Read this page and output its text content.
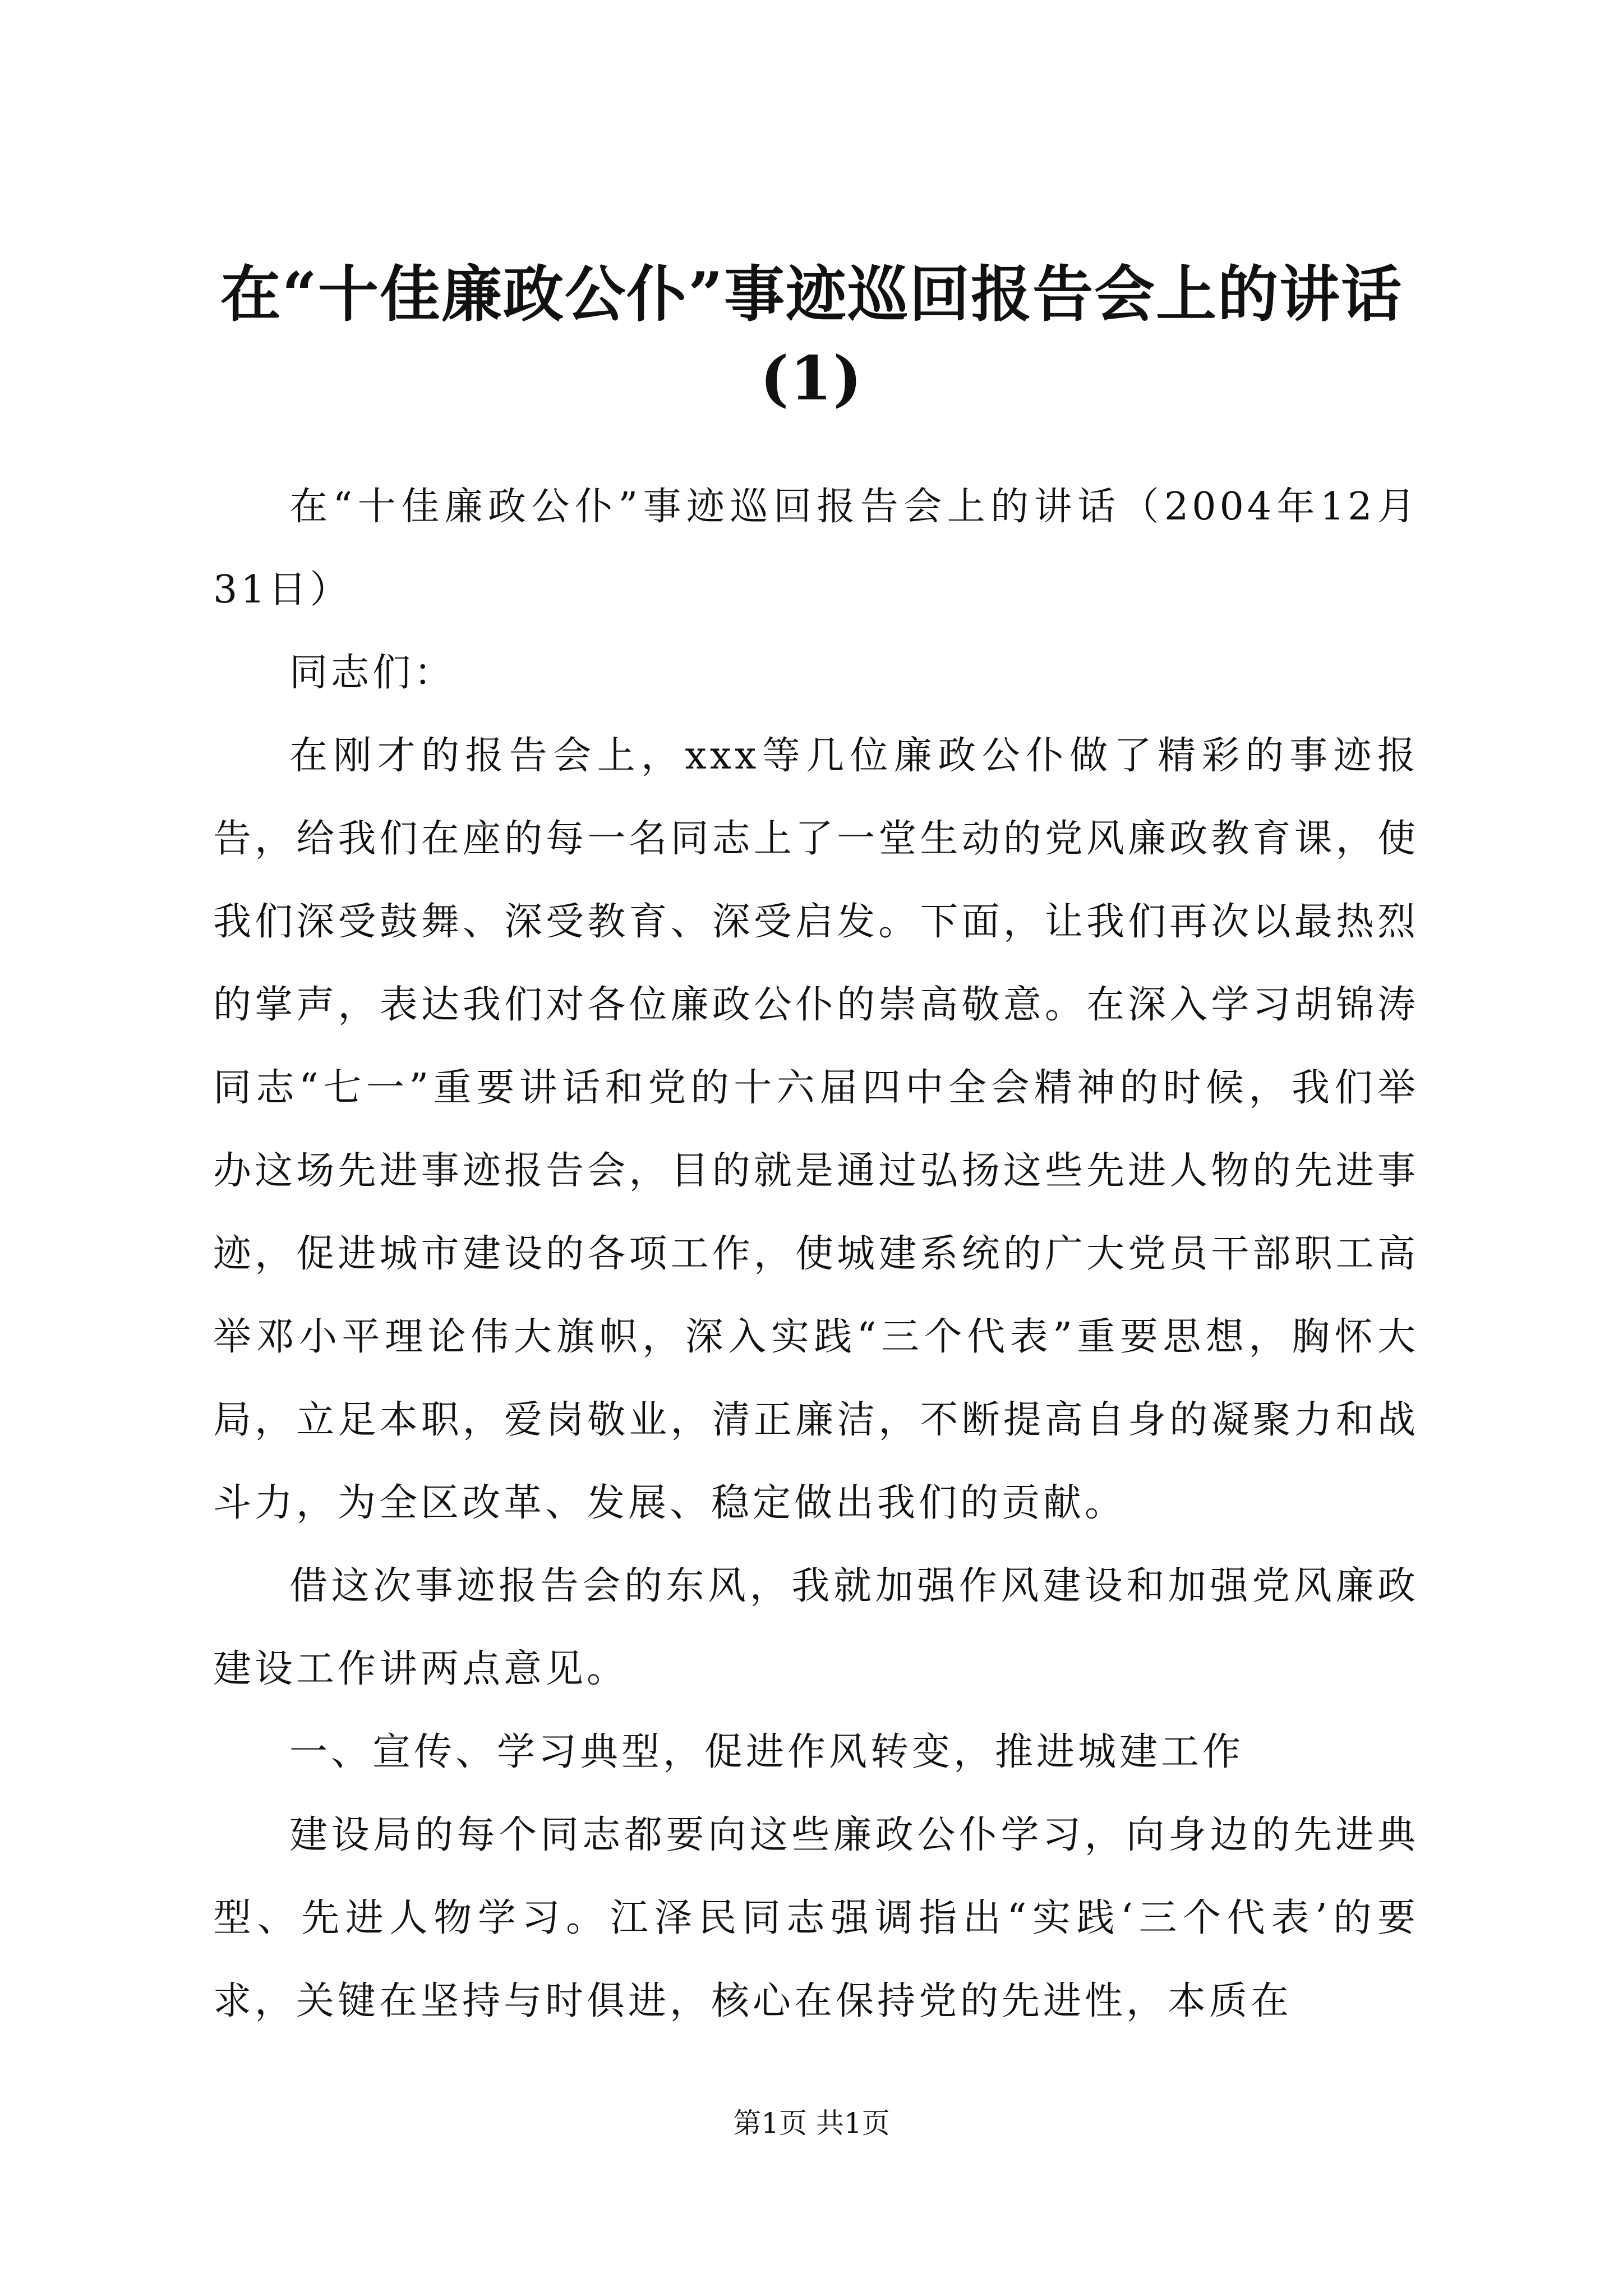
在“十佳廉政公仆”事迹巡回报告会上的讲话(1)

在“十佳廉政公仆”事迹巡回报告会上的讲话（2004年12月31日）

同志们：

在刚才的报告会上，xxx等几位廉政公仆做了精彩的事迹报告，给我们在座的每一名同志上了一堂生动的党风廉政教育课，使我们深受鼓舞、深受教育、深受启发。下面，让我们再次以最热烈的掌声，表达我们对各位廉政公仆的崇高敬意。在深入学习胡锦涛同志“七一”重要讲话和党的十六届四中全会精神的时候，我们举办这场先进事迹报告会，目的就是通过弘扬这些先进人物的先进事迹，促进城市建设的各项工作，使城建系统的广大党员干部职工高举邓小平理论伟大旗帜，深入实践“三个代表”重要思想，胸怀大局，立足本职，爱岗敬业，清正廉洁，不断提高自身的凝聚力和战斗力，为全区改革、发展、稳定做出我们的贡献。

借这次事迹报告会的东风，我就加强作风建设和加强党风廉政建设工作讲两点意见。

一、宣传、学习典型，促进作风转变，推进城建工作

建设局的每个同志都要向这些廉政公仆学习，向身边的先进典型、先进人物学习。江泽民同志强调指出“实践‘三个代表’的要求，关键在坚持与时俱进，核心在保持党的先进性，本质在

第1页 共1页
